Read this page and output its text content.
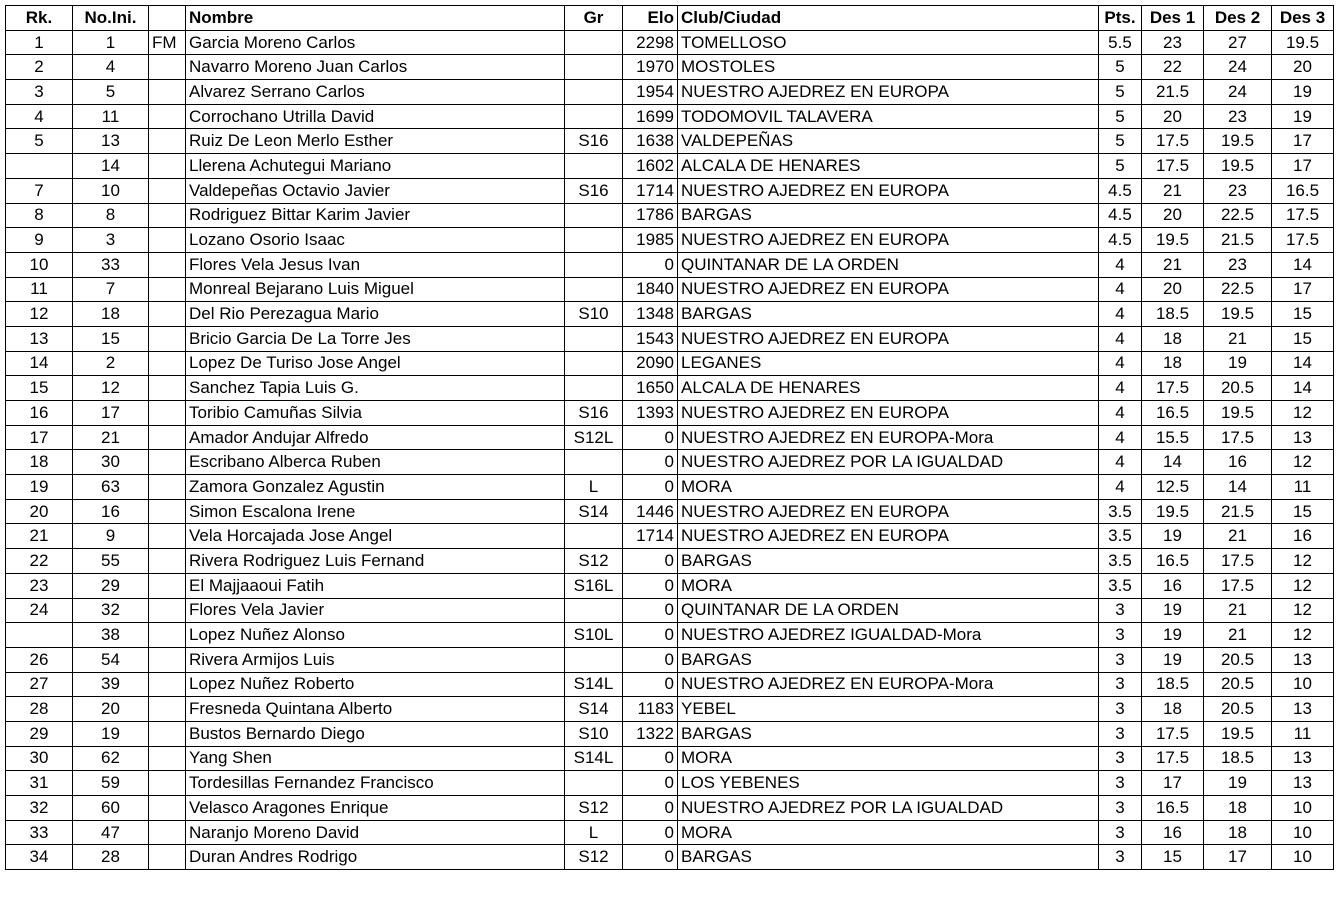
Rk.	No.Ini.		Nombre	Gr	Elo	Club/Ciudad	Pts.	Des 1	Des 2	Des 3
1	1	FM	Garcia Moreno Carlos		2298	TOMELLOSO	5.5	23	27	19.5
2	4		Navarro Moreno Juan Carlos		1970	MOSTOLES	5	22	24	20
3	5		Alvarez Serrano Carlos		1954	NUESTRO AJEDREZ EN EUROPA	5	21.5	24	19
4	11		Corrochano Utrilla David		1699	TODOMOVIL TALAVERA	5	20	23	19
5	13		Ruiz De Leon Merlo Esther	S16	1638	VALDEPEÑAS	5	17.5	19.5	17
	14		Llerena Achutegui Mariano		1602	ALCALA DE HENARES	5	17.5	19.5	17
7	10		Valdepeñas Octavio Javier	S16	1714	NUESTRO AJEDREZ EN EUROPA	4.5	21	23	16.5
8	8		Rodriguez Bittar Karim Javier		1786	BARGAS	4.5	20	22.5	17.5
9	3		Lozano Osorio Isaac		1985	NUESTRO AJEDREZ EN EUROPA	4.5	19.5	21.5	17.5
10	33		Flores Vela Jesus Ivan		0	QUINTANAR DE LA ORDEN	4	21	23	14
11	7		Monreal Bejarano Luis Miguel		1840	NUESTRO AJEDREZ EN EUROPA	4	20	22.5	17
12	18		Del Rio Perezagua Mario	S10	1348	BARGAS	4	18.5	19.5	15
13	15		Bricio Garcia De La Torre Jes		1543	NUESTRO AJEDREZ EN EUROPA	4	18	21	15
14	2		Lopez De Turiso Jose Angel		2090	LEGANES	4	18	19	14
15	12		Sanchez Tapia Luis G.		1650	ALCALA DE HENARES	4	17.5	20.5	14
16	17		Toribio Camuñas Silvia	S16	1393	NUESTRO AJEDREZ EN EUROPA	4	16.5	19.5	12
17	21		Amador Andujar Alfredo	S12L	0	NUESTRO AJEDREZ EN EUROPA-Mora	4	15.5	17.5	13
18	30		Escribano Alberca Ruben		0	NUESTRO AJEDREZ POR LA IGUALDAD	4	14	16	12
19	63		Zamora Gonzalez Agustin	L	0	MORA	4	12.5	14	11
20	16		Simon Escalona Irene	S14	1446	NUESTRO AJEDREZ EN EUROPA	3.5	19.5	21.5	15
21	9		Vela Horcajada Jose Angel		1714	NUESTRO AJEDREZ EN EUROPA	3.5	19	21	16
22	55		Rivera Rodriguez Luis Fernand	S12	0	BARGAS	3.5	16.5	17.5	12
23	29		El Majjaaoui Fatih	S16L	0	MORA	3.5	16	17.5	12
24	32		Flores Vela Javier		0	QUINTANAR DE LA ORDEN	3	19	21	12
	38		Lopez Nuñez Alonso	S10L	0	NUESTRO AJEDREZ IGUALDAD-Mora	3	19	21	12
26	54		Rivera Armijos Luis		0	BARGAS	3	19	20.5	13
27	39		Lopez Nuñez Roberto	S14L	0	NUESTRO AJEDREZ EN EUROPA-Mora	3	18.5	20.5	10
28	20		Fresneda Quintana Alberto	S14	1183	YEBEL	3	18	20.5	13
29	19		Bustos Bernardo Diego	S10	1322	BARGAS	3	17.5	19.5	11
30	62		Yang Shen	S14L	0	MORA	3	17.5	18.5	13
31	59		Tordesillas Fernandez Francisco		0	LOS YEBENES	3	17	19	13
32	60		Velasco Aragones Enrique	S12	0	NUESTRO AJEDREZ POR LA IGUALDAD	3	16.5	18	10
33	47		Naranjo Moreno David	L	0	MORA	3	16	18	10
34	28		Duran Andres Rodrigo	S12	0	BARGAS	3	15	17	10
